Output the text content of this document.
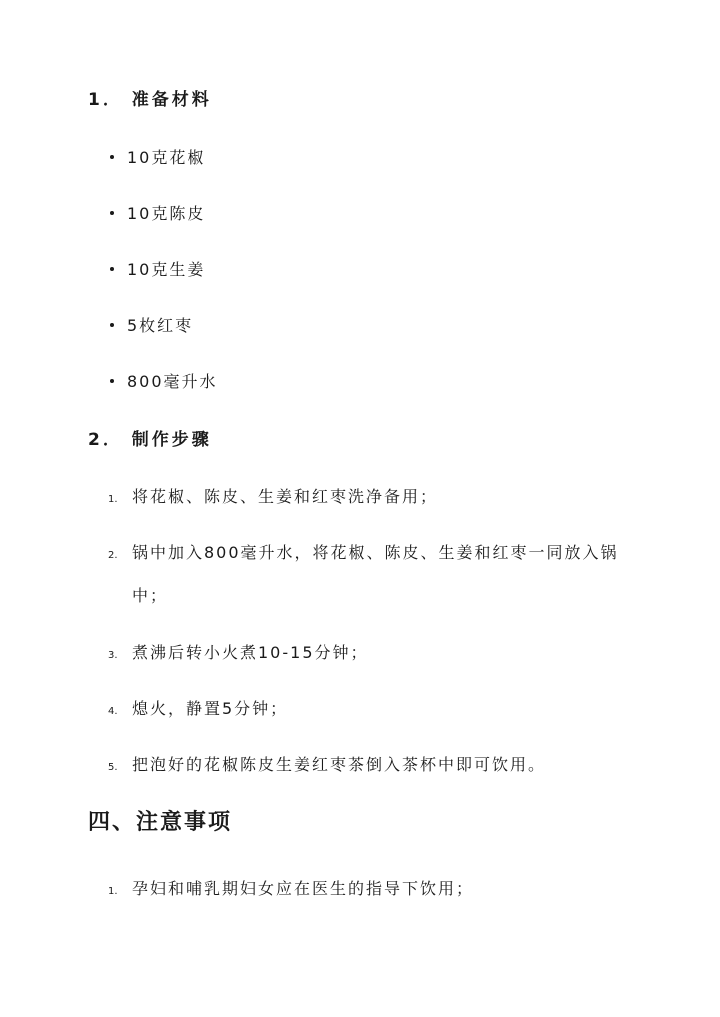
1． 准备材料
10克花椒
10克陈皮
10克生姜
5枚红枣
800毫升水
2． 制作步骤
1. 将花椒、陈皮、生姜和红枣洗净备用；
2. 锅中加入800毫升水，将花椒、陈皮、生姜和红枣一同放入锅
中；
3. 煮沸后转小火煮10-15分钟；
4. 熄火，静置5分钟；
5. 把泡好的花椒陈皮生姜红枣茶倒入茶杯中即可饮用。
四、注意事项
1. 孕妇和哺乳期妇女应在医生的指导下饮用；
